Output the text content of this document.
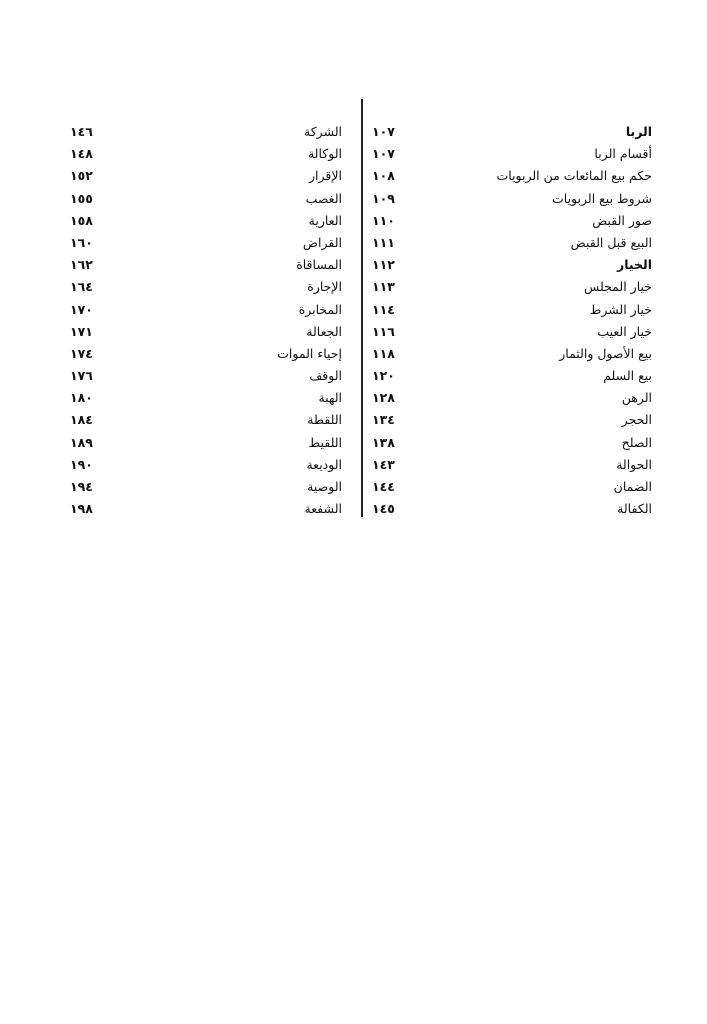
الربا
١٠٧
أقسام الربا
١٠٧
حكم بيع المائعات من الربويات
١٠٨
شروط بيع الربويات
١٠٩
صور القبض
١١٠
البيع قبل القبض
١١١
الخيار
١١٢
خيار المجلس
١١٣
خيار الشرط
١١٤
خيار العيب
١١٦
بيع الأصول والثمار
١١٨
بيع السلم
١٢٠
الرهن
١٢٨
الحجر
١٣٤
الصلح
١٣٨
الحوالة
١٤٣
الضمان
١٤٤
الكفالة
١٤٥
الشركة
١٤٦
الوكالة
١٤٨
الإقرار
١٥٢
الغصب
١٥٥
العارية
١٥٨
القراض
١٦٠
المساقاة
١٦٢
الإجارة
١٦٤
المخابرة
١٧٠
الجعالة
١٧١
إحياء الموات
١٧٤
الوقف
١٧٦
الهبة
١٨٠
اللقطة
١٨٤
اللقيط
١٨٩
الوديعة
١٩٠
الوصية
١٩٤
الشفعة
١٩٨
